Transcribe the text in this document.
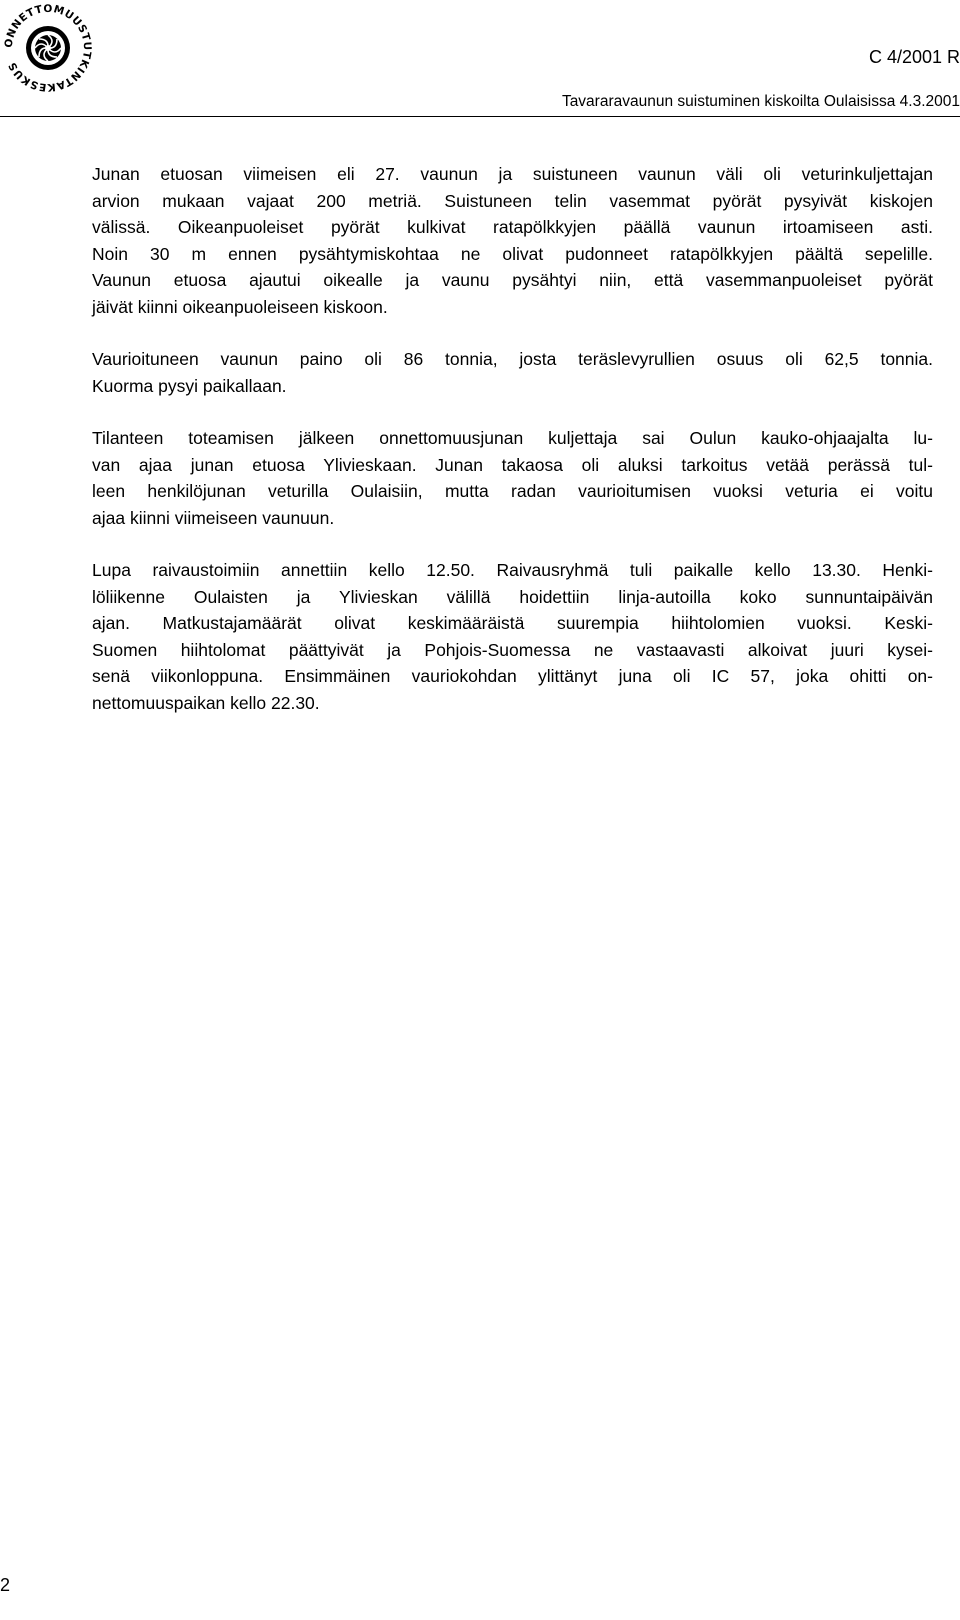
ONNETTOMUUSTUTKINTAKESKUS	C 4/2001 R
Tavararavaunun suistuminen kiskoilta Oulaisissa 4.3.2001

Junan etuosan viimeisen eli 27. vaunun ja suistuneen vaunun väli oli veturinkuljettajan
arvion mukaan vajaat 200 metriä. Suistuneen telin vasemmat pyörät pysyivät kiskojen
välissä. Oikeanpuoleiset pyörät kulkivat ratapölkkyjen päällä vaunun irtoamiseen asti.
Noin 30 m ennen pysähtymiskohtaa ne olivat pudonneet ratapölkkyjen päältä sepelille.
Vaunun etuosa ajautui oikealle ja vaunu pysähtyi niin, että vasemmanpuoleiset pyörät
jäivät kiinni oikeanpuoleiseen kiskoon.

Vaurioituneen vaunun paino oli 86 tonnia, josta teräslevyrullien osuus oli 62,5 tonnia.
Kuorma pysyi paikallaan.

Tilanteen toteamisen jälkeen onnettomuusjunan kuljettaja sai Oulun kauko-ohjaajalta lu-
van ajaa junan etuosa Ylivieskaan. Junan takaosa oli aluksi tarkoitus vetää perässä tul-
leen henkilöjunan veturilla Oulaisiin, mutta radan vaurioitumisen vuoksi veturia ei voitu
ajaa kiinni viimeiseen vaunuun.

Lupa raivaustoimiin annettiin kello 12.50. Raivausryhmä tuli paikalle kello 13.30. Henki-
löliikenne Oulaisten ja Ylivieskan välillä hoidettiin linja-autoilla koko sunnuntaipäivän
ajan. Matkustajamäärät olivat keskimääräistä suurempia hiihtolomien vuoksi. Keski-
Suomen hiihtolomat päättyivät ja Pohjois-Suomessa ne vastaavasti alkoivat juuri kysei-
senä viikonloppuna. Ensimmäinen vauriokohdan ylittänyt juna oli IC 57, joka ohitti on-
nettomuuspaikan kello 22.30.

2
